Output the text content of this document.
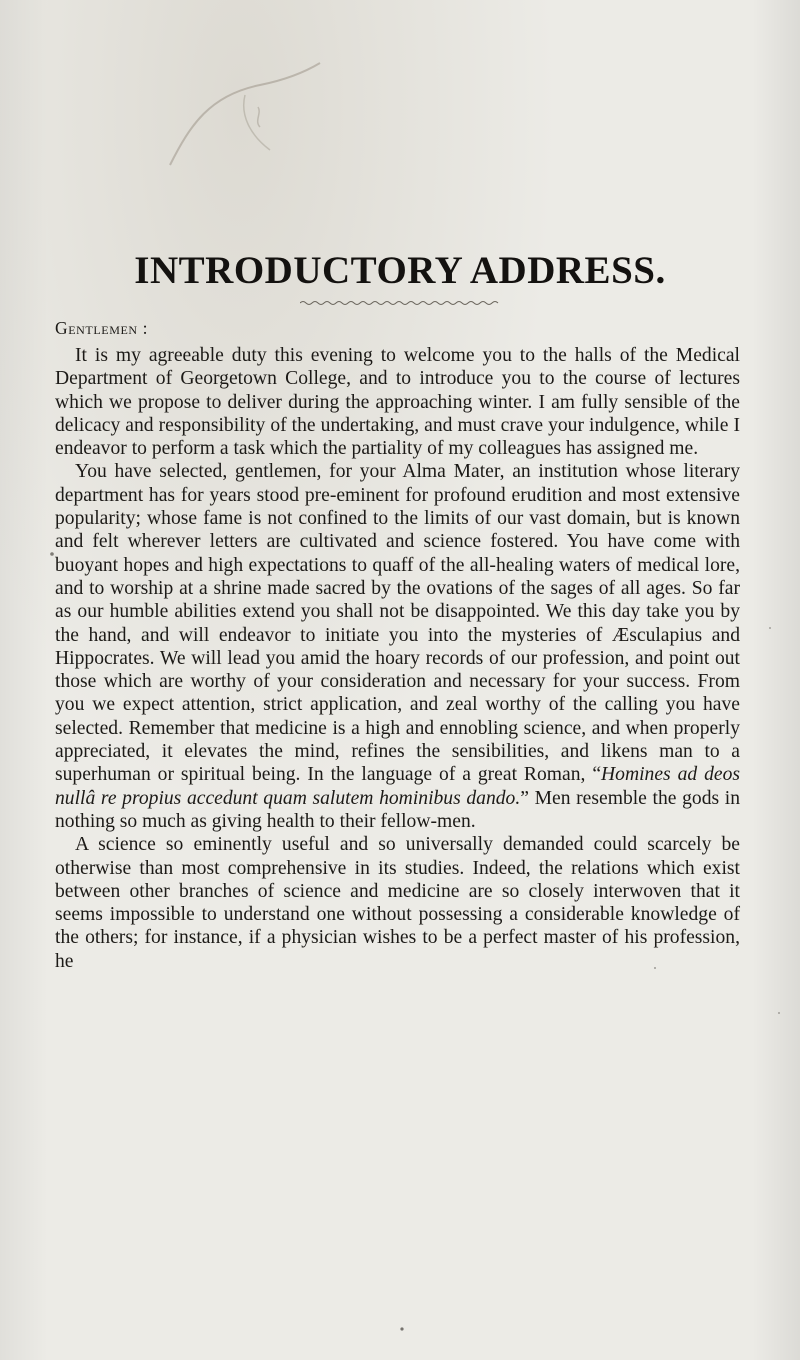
INTRODUCTORY ADDRESS.

Gentlemen :

It is my agreeable duty this evening to welcome you to the halls of the Medical Department of Georgetown College, and to introduce you to the course of lectures which we propose to deliver during the approaching winter. I am fully sensible of the delicacy and responsibility of the undertaking, and must crave your indulgence, while I endeavor to perform a task which the partiality of my colleagues has assigned me.

You have selected, gentlemen, for your Alma Mater, an institution whose literary department has for years stood pre-eminent for profound erudition and most extensive popularity; whose fame is not confined to the limits of our vast domain, but is known and felt wherever letters are cultivated and science fostered. You have come with buoyant hopes and high expectations to quaff of the all-healing waters of medical lore, and to worship at a shrine made sacred by the ovations of the sages of all ages. So far as our humble abilities extend you shall not be disappointed. We this day take you by the hand, and will endeavor to initiate you into the mysteries of Æsculapius and Hippocrates. We will lead you amid the hoary records of our profession, and point out those which are worthy of your consideration and necessary for your success. From you we expect attention, strict application, and zeal worthy of the calling you have selected. Remember that medicine is a high and ennobling science, and when properly appreciated, it elevates the mind, refines the sensibilities, and likens man to a superhuman or spiritual being. In the language of a great Roman, “Homines ad deos nullâ re propius accedunt quam salutem hominibus dando.” Men resemble the gods in nothing so much as giving health to their fellow-men.

A science so eminently useful and so universally demanded could scarcely be otherwise than most comprehensive in its studies. Indeed, the relations which exist between other branches of science and medicine are so closely interwoven that it seems impossible to understand one without possessing a considerable knowledge of the others; for instance, if a physician wishes to be a perfect master of his profession, he
